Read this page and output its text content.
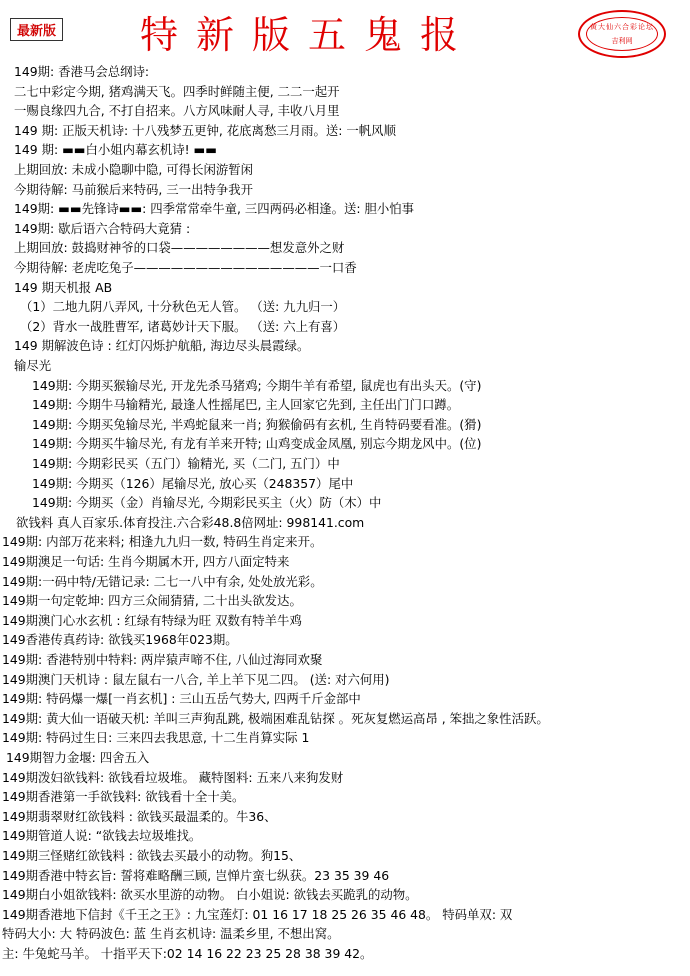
最新版 特新版五鬼报	黄大仙六合彩论坛
吉利网
149期: 香港马会总纲诗:
二七中彩定今期, 猪鸡满天飞。四季时鲜随主便, 二二一起开
一赐良缘四九合, 不打自招来。八方风味耐人寻, 丰收八月里
149 期: 正版天机诗: 十八残梦五更钟, 花底离愁三月雨。送: 一帆风顺
149 期: ▬▬白小姐内幕玄机诗! ▬▬
上期回放: 未成小隐聊中隐, 可得长闲游暂闲
今期待解: 马前猴后来特码, 三一出特争我开
149期: ▬▬先锋诗▬▬: 四季常常牵牛童, 三四两码必相逢。送: 胆小怕事
149期: 歇后语六合特码大竟猜 :
上期回放: 鼓捣财神爷的口袋————————想发意外之财
今期待解: 老虎吃兔子———————————————一口香
149 期天机报 AB
（1）二地九阴八弄风, 十分秋色无人管。 （送: 九九归一）
（2）背水一战胜曹军, 诸葛妙计天下服。 （送: 六上有喜）
149 期解波色诗 : 红灯闪烁护航船, 海边尽头晨霞绿。
输尽光
149期: 今期买猴输尽光, 开龙先杀马猪鸡; 今期牛羊有希望, 鼠虎也有出头天。(守)
149期: 今期牛马输精光, 最逢人性摇尾巴, 主人回家它先到, 主任出门门口蹲。
149期: 今期买兔输尽光, 半鸡蛇鼠来一肖; 狗猴偷码有玄机, 生肖特码要看准。(猾)
149期: 今期买牛输尽光, 有龙有羊来开特; 山鸡变成金凤凰, 别忘今期龙风中。(位)
149期: 今期彩民买（五门）输精光, 买（二门, 五门）中
149期: 今期买（126）尾输尽光, 放心买（248357）尾中
149期: 今期买（金）肖输尽光, 今期彩民买主（火）防（木）中
欲钱料 真人百家乐.体育投注.六合彩48.8倍网址: 998141.com
149期: 内部万花来料; 相逢九九归一数, 特码生肖定来开。
149期澳足一句话: 生肖今期属木开, 四方八面定特来
149期:一码中特/无错记录: 二七一八中有余, 处处放光彩。
149期一句定乾坤: 四方三众闹猜猜, 二十出头欲发达。
149期澳门心水玄机 : 红绿有特绿为旺 双数有特羊牛鸡
149香港传真药诗: 欲钱买1968年023期。
149期: 香港特别中特料: 两岸猿声啼不住, 八仙过海同欢聚
149期澳门天机诗 : 鼠左鼠右一八合, 羊上羊下见二四。 (送: 对六何用)
149期: 特码爆一爆[一肖玄机] : 三山五岳气势大, 四两千斤金部中
149期: 黄大仙一语破天机: 羊叫三声狗乱跳, 极端困难乱钻探 。死灰复燃运高昂 , 笨拙之象性活跃。
149期: 特码过生日: 三来四去我思意, 十二生肖算实际 1
149期智力金堰: 四舍五入
149期泼妇欲钱料: 欲钱看垃圾堆。 藏特图料: 五来八来狗发财
149期香港第一手欲钱料: 欲钱看十全十美。
149期翡翠财红欲钱料 : 欲钱买最温柔的。牛36、
149期管道人说: “欲钱去垃圾堆找。
149期三怪赌红欲钱料 : 欲钱去买最小的动物。狗15、
149期香港中特玄旨: 誓将难略酬三顾, 岂惮片蛮七纵获。23 35 39 46
149期白小姐欲钱料: 欲买水里游的动物。 白小姐说: 欲钱去买跪乳的动物。
149期香港地下信封《千王之王》: 九宝莲灯: 01 16 17 18 25 26 35 46 48。 特码单双: 双
特码大小: 大 特码波色: 蓝 生肖玄机诗: 温柔乡里, 不想出窝。
主: 牛兔蛇马羊。 十指平天下:02 14 16 22 23 25 28 38 39 42。
